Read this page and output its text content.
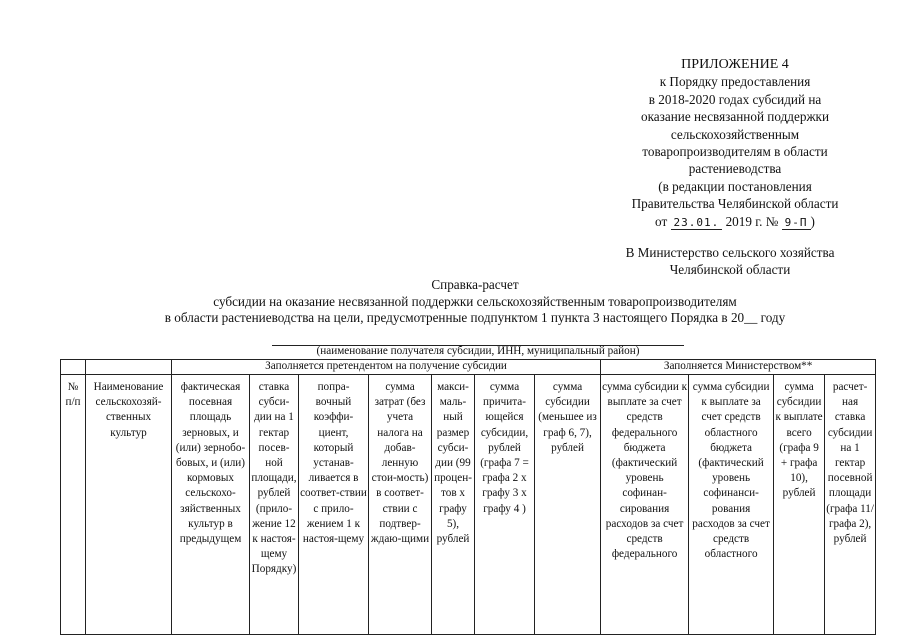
ПРИЛОЖЕНИЕ 4
к Порядку предоставления
в 2018-2020 годах субсидий на
оказание несвязанной поддержки
сельскохозяйственным
товаропроизводителям в области
растениеводства
(в редакции постановления
Правительства Челябинской области
от 23.01. 2019 г. № 9-П )
В Министерство сельского хозяйства
Челябинской области
Справка-расчет
субсидии на оказание несвязанной поддержки сельскохозяйственным товаропроизводителям
в области растениеводства на цели, предусмотренные подпунктом 1 пункта 3 настоящего Порядка в 20__ году
(наименование получателя субсидии, ИНН, муниципальный район)
		Заполняется претендентом на получение субсидии							Заполняется Министерством**			
№ п/п	Наименование сельскохозяй-ственных культур	фактическая посевная площадь зерновых, и (или) зернобо-бовых, и (или) кормовых сельскохо-зяйственных культур в предыдущем	ставка субси-дии на 1 гектар посев-ной площади, рублей (прило-жение 12 к настоя-щему Порядку)	попра-вочный коэффи-циент, который устанав-ливается в соответ-ствии с прило-жением 1 к настоя-щему	сумма затрат (без учета налога на добав-ленную стои-мость) в соответ-ствии с подтвер-ждаю-щими	макси-маль-ный размер субси-дии (99 процен-тов х графу 5), рублей	сумма причита-ющейся субсидии, рублей (графа 7 = графа 2 х графу 3 х графу 4 )	сумма субсидии (меньшее из граф 6, 7), рублей	сумма субсидии к выплате за счет средств федерального бюджета (фактический уровень софинан-сирования расходов за счет средств федерального	сумма субсидии к выплате за счет средств областного бюджета (фактический уровень софинанси-рования расходов за счет средств областного	сумма субсидии к выплате всего (графа 9 + графа 10), рублей	расчет-ная ставка субсидии на 1 гектар посевной площади (графа 11/ графа 2), рублей
